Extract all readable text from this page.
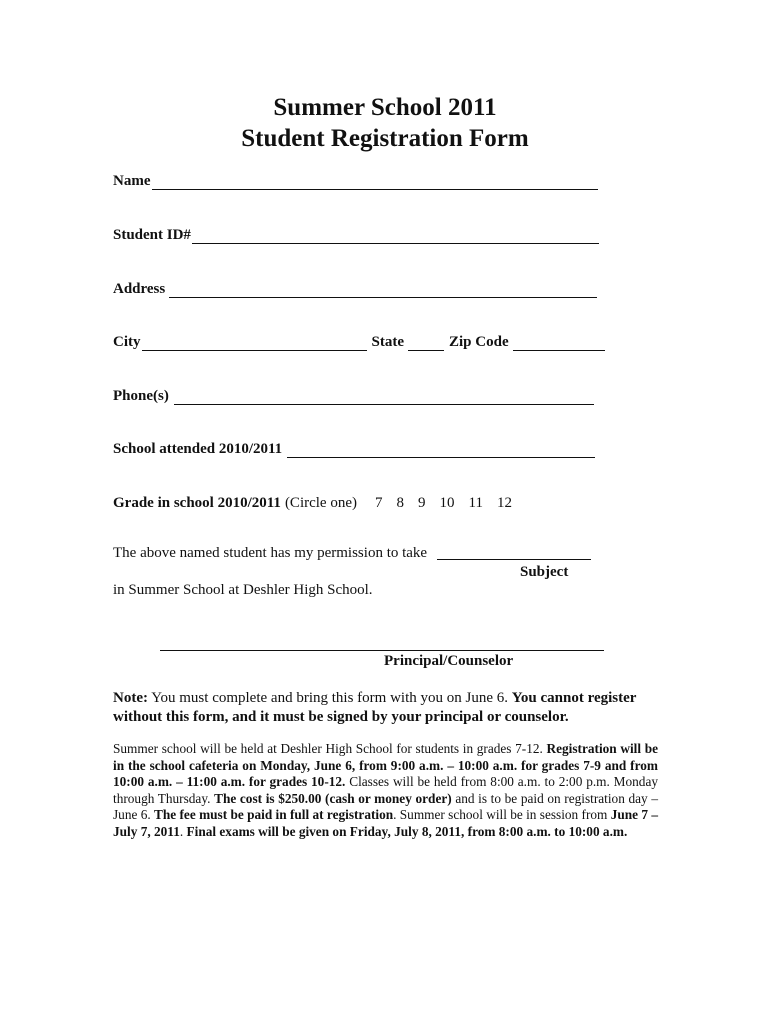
Summer School 2011
Student Registration Form
Name
Student ID#
Address
City	State	Zip Code
Phone(s)
School attended 2010/2011
Grade in school 2010/2011 (Circle one) 7 8 9 10 11 12
The above named student has my permission to take
Subject
in Summer School at Deshler High School.
Principal/Counselor
Note: You must complete and bring this form with you on June 6. You cannot register without this form, and it must be signed by your principal or counselor.
Summer school will be held at Deshler High School for students in grades 7-12. Registration will be in the school cafeteria on Monday, June 6, from 9:00 a.m. – 10:00 a.m. for grades 7-9 and from 10:00 a.m. – 11:00 a.m. for grades 10-12. Classes will be held from 8:00 a.m. to 2:00 p.m. Monday through Thursday. The cost is $250.00 (cash or money order) and is to be paid on registration day – June 6. The fee must be paid in full at registration. Summer school will be in session from June 7 – July 7, 2011. Final exams will be given on Friday, July 8, 2011, from 8:00 a.m. to 10:00 a.m.
